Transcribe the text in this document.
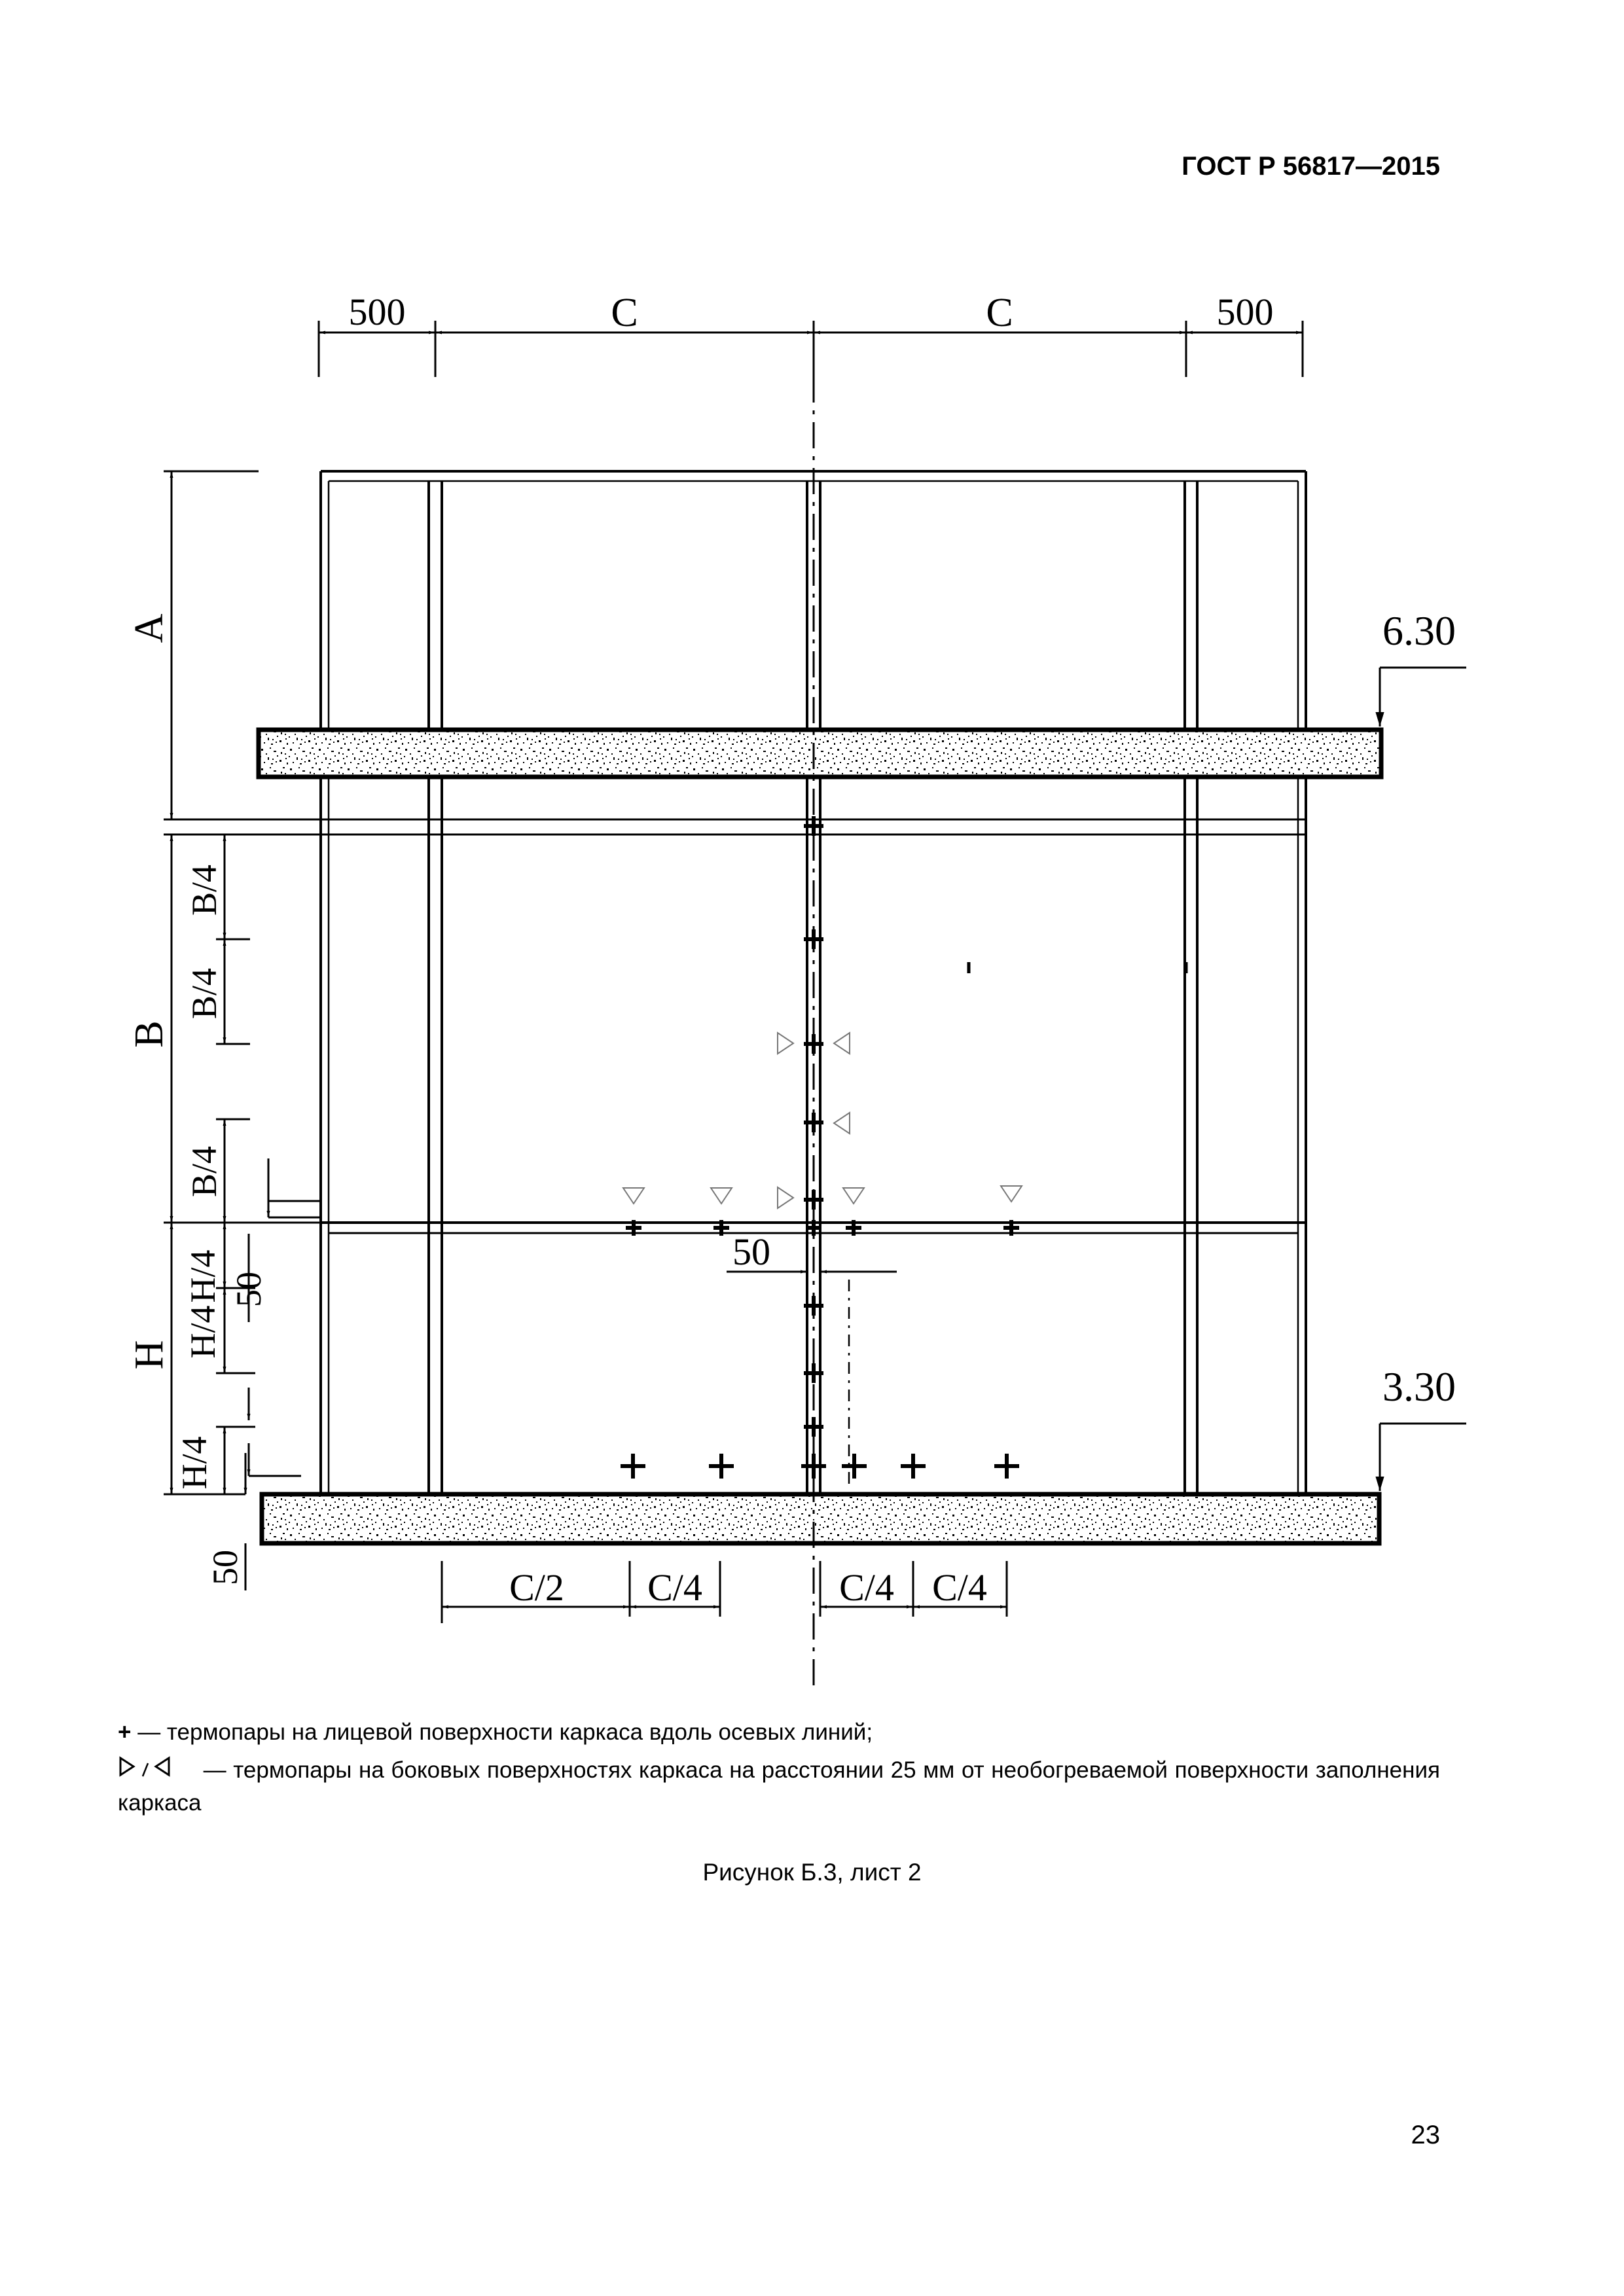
ГОСТ Р 56817—2015
500	C	C	500
A
B
B/4
B/4
B/4
H
H/4
H/4
H/4
50
50
6.30
3.30
50
C/2 C/4	C/4 C/4
+ — термопары на лицевой поверхности каркаса вдоль осевых линий;
— термопары на боковых поверхностях каркаса на расстоянии 25 мм от необогреваемой поверхности заполнения каркаса
Рисунок Б.3, лист 2
23
